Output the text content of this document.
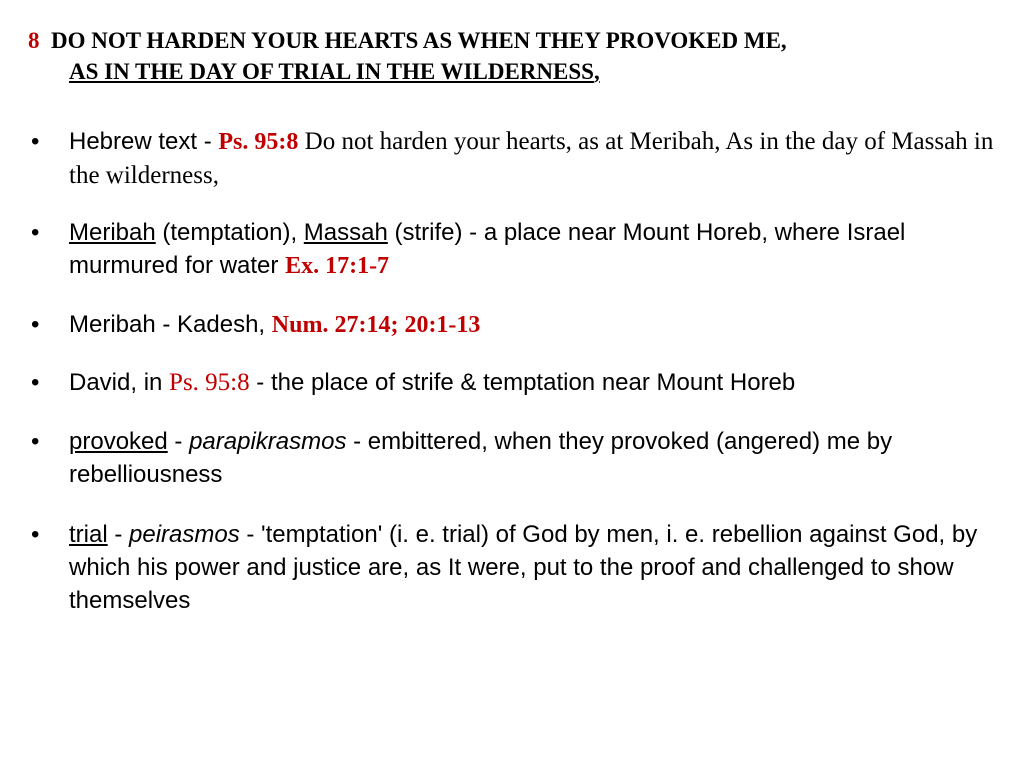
8 DO NOT HARDEN YOUR HEARTS AS WHEN THEY PROVOKED ME,
AS IN THE DAY OF TRIAL IN THE WILDERNESS,
• Hebrew text - Ps. 95:8 Do not harden your hearts, as at Meribah, As in the day of Massah in the wilderness,
• Meribah (temptation), Massah (strife) - a place near Mount Horeb, where Israel murmured for water Ex. 17:1-7
• Meribah - Kadesh, Num. 27:14; 20:1-13
• David, in Ps. 95:8 - the place of strife & temptation near Mount Horeb
• provoked - parapikrasmos - embittered, when they provoked (angered) me by rebelliousness
• trial - peirasmos - 'temptation' (i. e. trial) of God by men, i. e. rebellion against God, by which his power and justice are, as It were, put to the proof and challenged to show themselves
